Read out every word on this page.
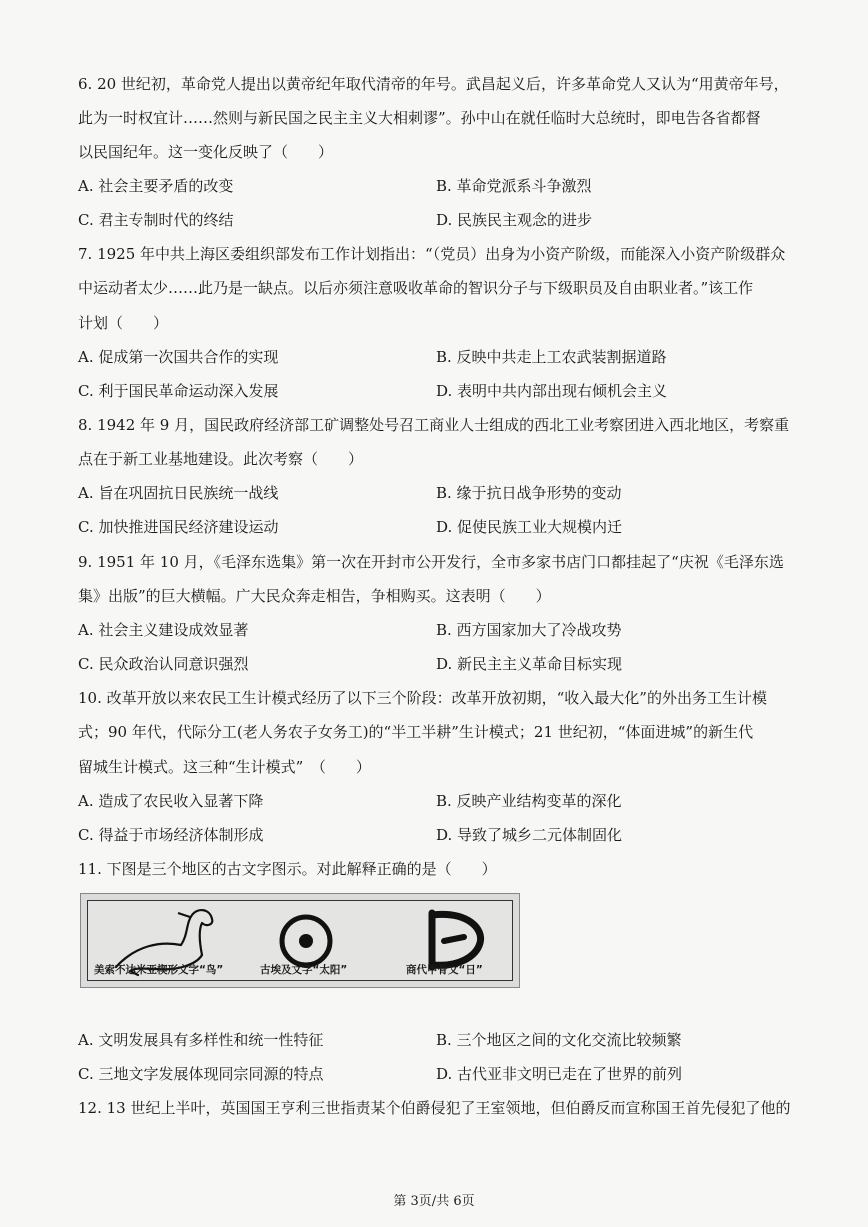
6. 20 世纪初，革命党人提出以黄帝纪年取代清帝的年号。武昌起义后，许多革命党人又认为“用黄帝年号，
此为一时权宜计……然则与新民国之民主主义大相刺谬”。孙中山在就任临时大总统时，即电告各省都督
以民国纪年。这一变化反映了（　　）
A. 社会主要矛盾的改变	B. 革命党派系斗争激烈
C. 君主专制时代的终结	D. 民族民主观念的进步
7. 1925 年中共上海区委组织部发布工作计划指出：“（党员）出身为小资产阶级，而能深入小资产阶级群众
中运动者太少……此乃是一缺点。以后亦须注意吸收革命的智识分子与下级职员及自由职业者。”该工作
计划（　　）
A. 促成第一次国共合作的实现	B. 反映中共走上工农武装割据道路
C. 利于国民革命运动深入发展	D. 表明中共内部出现右倾机会主义
8. 1942 年 9 月，国民政府经济部工矿调整处号召工商业人士组成的西北工业考察团进入西北地区，考察重
点在于新工业基地建设。此次考察（　　）
A. 旨在巩固抗日民族统一战线	B. 缘于抗日战争形势的变动
C. 加快推进国民经济建设运动	D. 促使民族工业大规模内迁
9. 1951 年 10 月，《毛泽东选集》第一次在开封市公开发行，全市多家书店门口都挂起了“庆祝《毛泽东选
集》出版”的巨大横幅。广大民众奔走相告，争相购买。这表明（　　）
A. 社会主义建设成效显著	B. 西方国家加大了冷战攻势
C. 民众政治认同意识强烈	D. 新民主主义革命目标实现
10. 改革开放以来农民工生计模式经历了以下三个阶段：改革开放初期，“收入最大化”的外出务工生计模
式；90 年代，代际分工(老人务农子女务工)的“半工半耕”生计模式；21 世纪初，“体面进城”的新生代
留城生计模式。这三种“生计模式”　（　　）
A. 造成了农民收入显著下降	B. 反映产业结构变革的深化
C. 得益于市场经济体制形成	D. 导致了城乡二元体制固化
11. 下图是三个地区的古文字图示。对此解释正确的是（　　）
美索不达米亚楔形文字“鸟”	古埃及文字“太阳”	商代甲骨文“日”
A. 文明发展具有多样性和统一性特征	B. 三个地区之间的文化交流比较频繁
C. 三地文字发展体现同宗同源的特点	D. 古代亚非文明已走在了世界的前列
12. 13 世纪上半叶，英国国王亨利三世指责某个伯爵侵犯了王室领地，但伯爵反而宣称国王首先侵犯了他的
第 3页/共 6页
